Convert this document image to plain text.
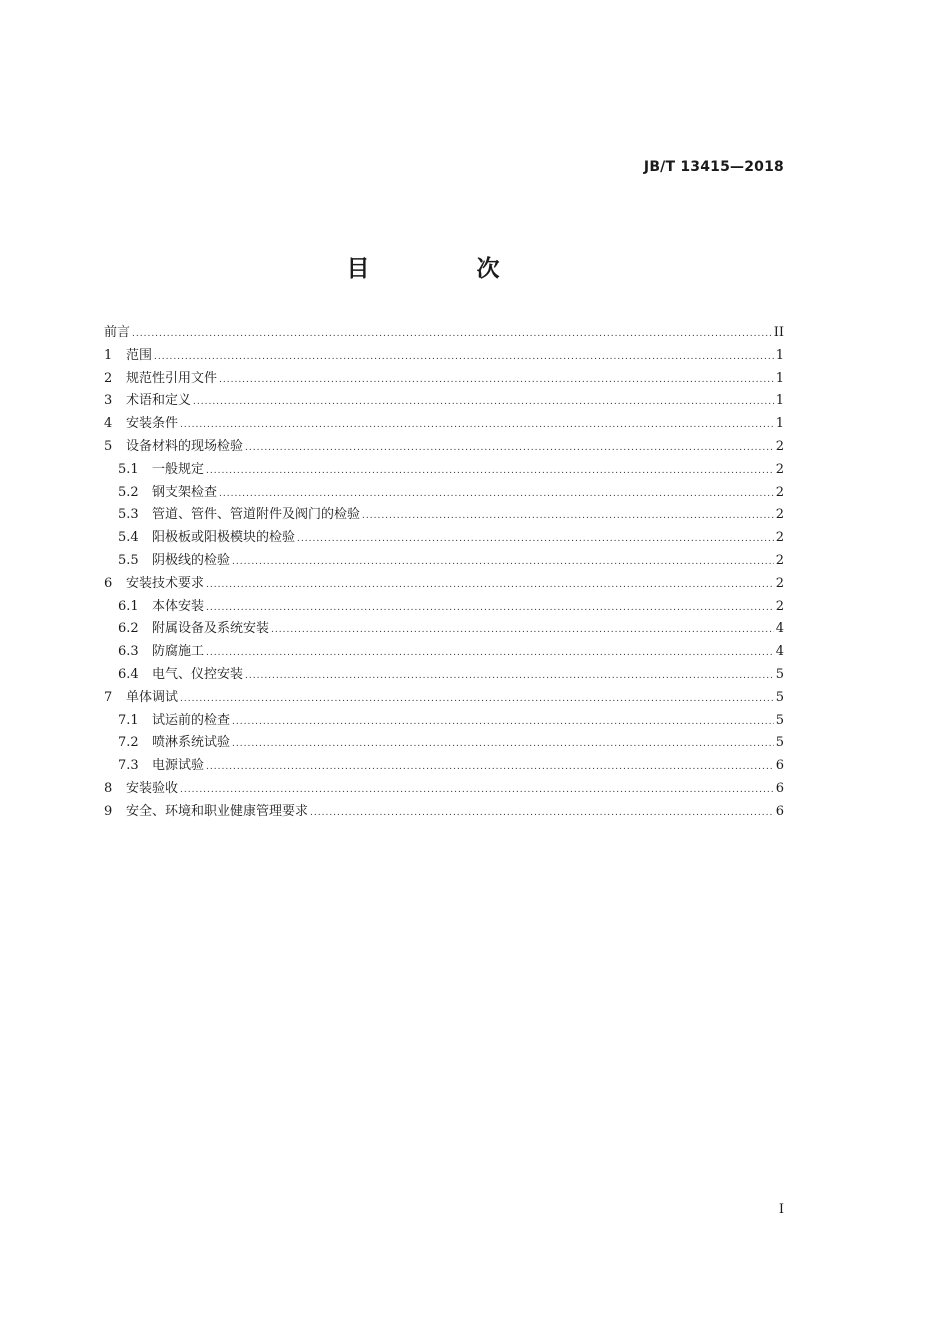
JB/T 13415—2018
目　次
前言 .....	II
1	范围 .....	1
2	规范性引用文件 .....	1
3	术语和定义 .....	1
4	安装条件 .....	1
5	设备材料的现场检验 .....	2
5.1	一般规定 .....	2
5.2	钢支架检查 .....	2
5.3	管道、管件、管道附件及阀门的检验 .....	2
5.4	阳极板或阳极模块的检验 .....	2
5.5	阴极线的检验 .....	2
6	安装技术要求 .....	2
6.1	本体安装 .....	2
6.2	附属设备及系统安装 .....	4
6.3	防腐施工 .....	4
6.4	电气、仪控安装 .....	5
7	单体调试 .....	5
7.1	试运前的检查 .....	5
7.2	喷淋系统试验 .....	5
7.3	电源试验 .....	6
8	安装验收 .....	6
9	安全、环境和职业健康管理要求 .....	6
I
